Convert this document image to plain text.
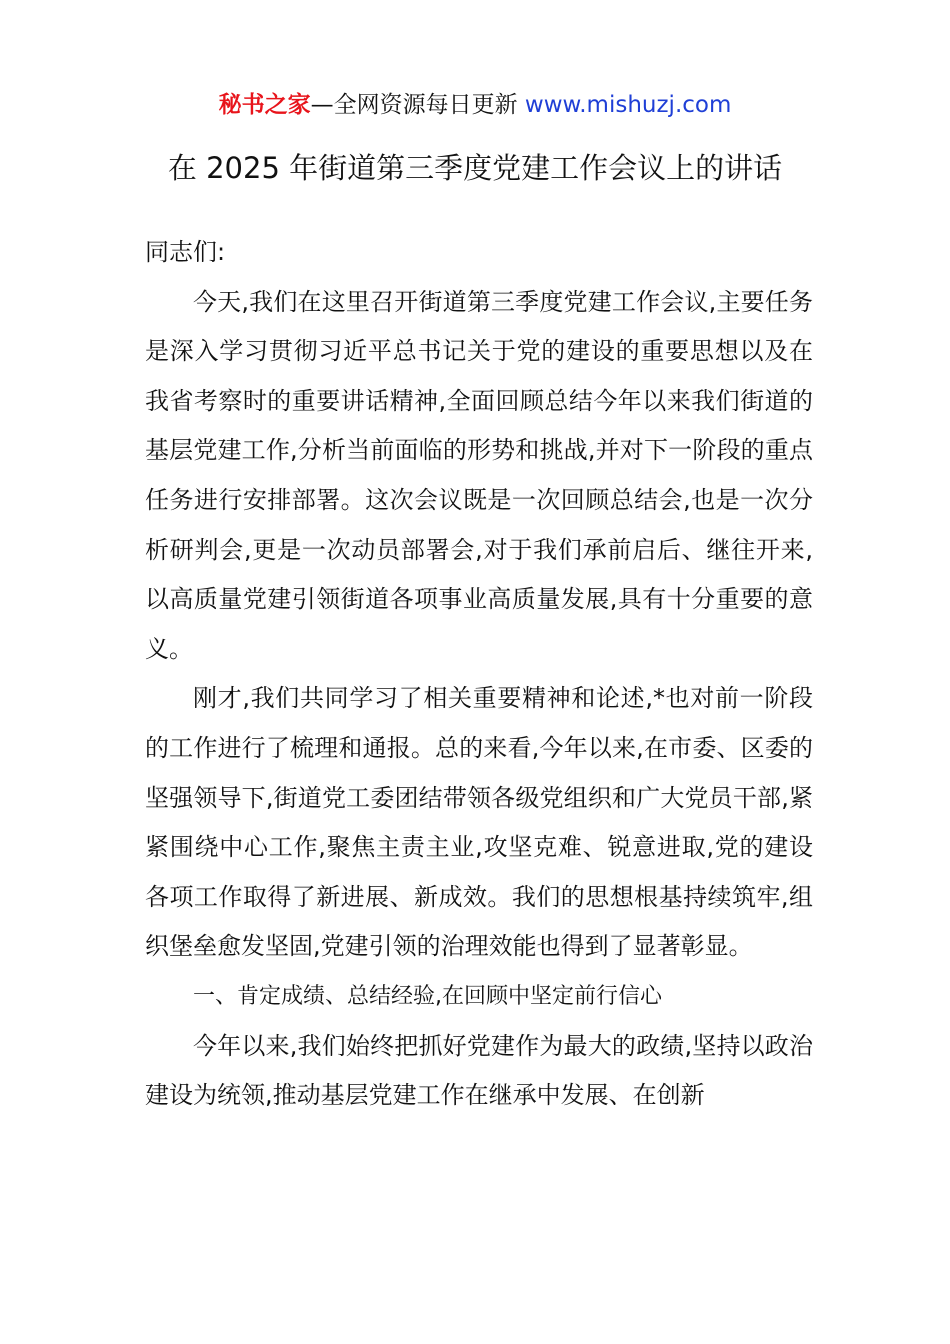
秘书之家—全网资源每日更新 www.mishuzj.com
在 2025 年街道第三季度党建工作会议上的讲话

同志们:

今天,我们在这里召开街道第三季度党建工作会议,主要任务是深入学习贯彻习近平总书记关于党的建设的重要思想以及在我省考察时的重要讲话精神,全面回顾总结今年以来我们街道的基层党建工作,分析当前面临的形势和挑战,并对下一阶段的重点任务进行安排部署。这次会议既是一次回顾总结会,也是一次分析研判会,更是一次动员部署会,对于我们承前启后、继往开来,以高质量党建引领街道各项事业高质量发展,具有十分重要的意义。

刚才,我们共同学习了相关重要精神和论述,*也对前一阶段的工作进行了梳理和通报。总的来看,今年以来,在市委、区委的坚强领导下,街道党工委团结带领各级党组织和广大党员干部,紧紧围绕中心工作,聚焦主责主业,攻坚克难、锐意进取,党的建设各项工作取得了新进展、新成效。我们的思想根基持续筑牢,组织堡垒愈发坚固,党建引领的治理效能也得到了显著彰显。

一、肯定成绩、总结经验,在回顾中坚定前行信心

今年以来,我们始终把抓好党建作为最大的政绩,坚持以政治建设为统领,推动基层党建工作在继承中发展、在创新
